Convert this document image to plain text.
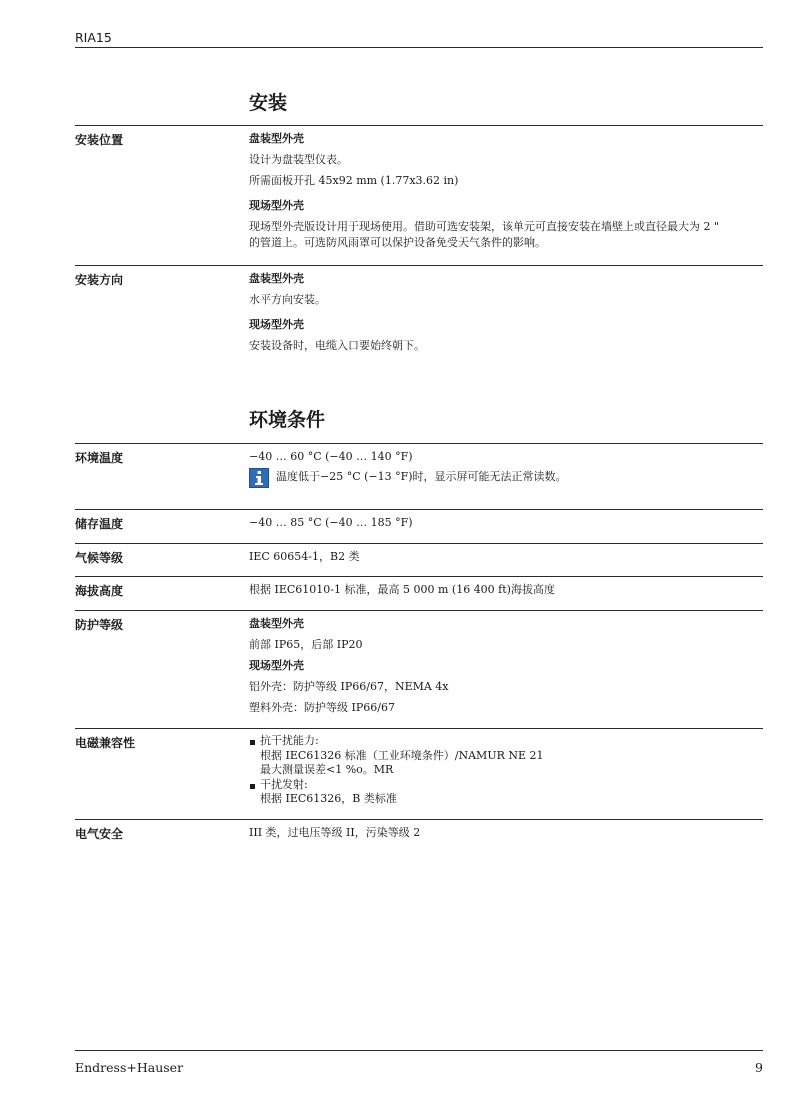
RIA15
安装
安装位置	盘装型外壳

设计为盘装型仪表。

所需面板开孔 45x92 mm (1.77x3.62 in)

现场型外壳

现场型外壳版设计用于现场使用。借助可选安装架，该单元可直接安装在墙壁上或直径最大为 2 "

的管道上。可选防风雨罩可以保护设备免受天气条件的影响。

安装方向	盘装型外壳

水平方向安装。

现场型外壳

安装设备时，电缆入口要始终朝下。

环境条件
环境温度	−40 … 60 °C (−40 … 140 °F)

温度低于−25 °C (−13 °F)时，显示屏可能无法正常读数。
储存温度	−40 … 85 °C (−40 … 185 °F)

气候等级	IEC 60654-1，B2 类

海拔高度	根据 IEC61010-1 标准，最高 5 000 m (16 400 ft)海拔高度

防护等级	盘装型外壳

前部 IP65，后部 IP20

现场型外壳

铝外壳：防护等级 IP66/67，NEMA 4x

塑料外壳：防护等级 IP66/67

电磁兼容性	抗干扰能力:
根据 IEC61326 标准（工业环境条件）/NAMUR NE 21
最大测量误差<1 %o。MR
干扰发射:
根据 IEC61326，B 类标准
电气安全	III 类，过电压等级 II，污染等级 2

Endress+Hauser	9
